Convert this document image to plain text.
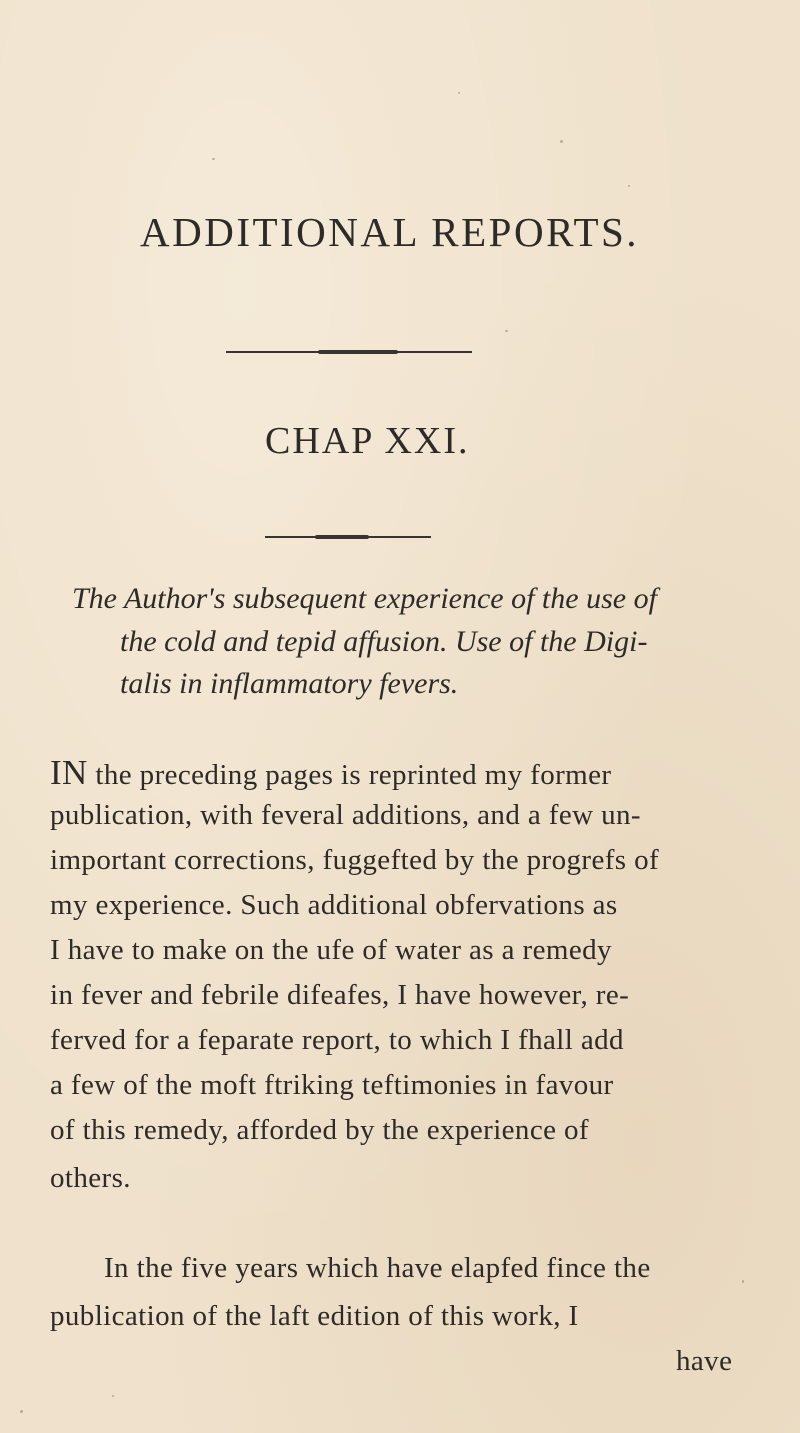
ADDITIONAL REPORTS.
CHAP XXI.
The Author's subsequent experience of the use of
the cold and tepid affusion. Use of the Digi-
talis in inflammatory fevers.
IN the preceding pages is reprinted my former
publication, with feveral additions, and a few un-
important corrections, fuggefted by the progrefs of
my experience. Such additional obfervations as
I have to make on the ufe of water as a remedy
in fever and febrile difeafes, I have however, re-
ferved for a feparate report, to which I fhall add
a few of the moft ftriking teftimonies in favour
of this remedy, afforded by the experience of
others.
In the five years which have elapfed fince the
publication of the laft edition of this work, I
have
